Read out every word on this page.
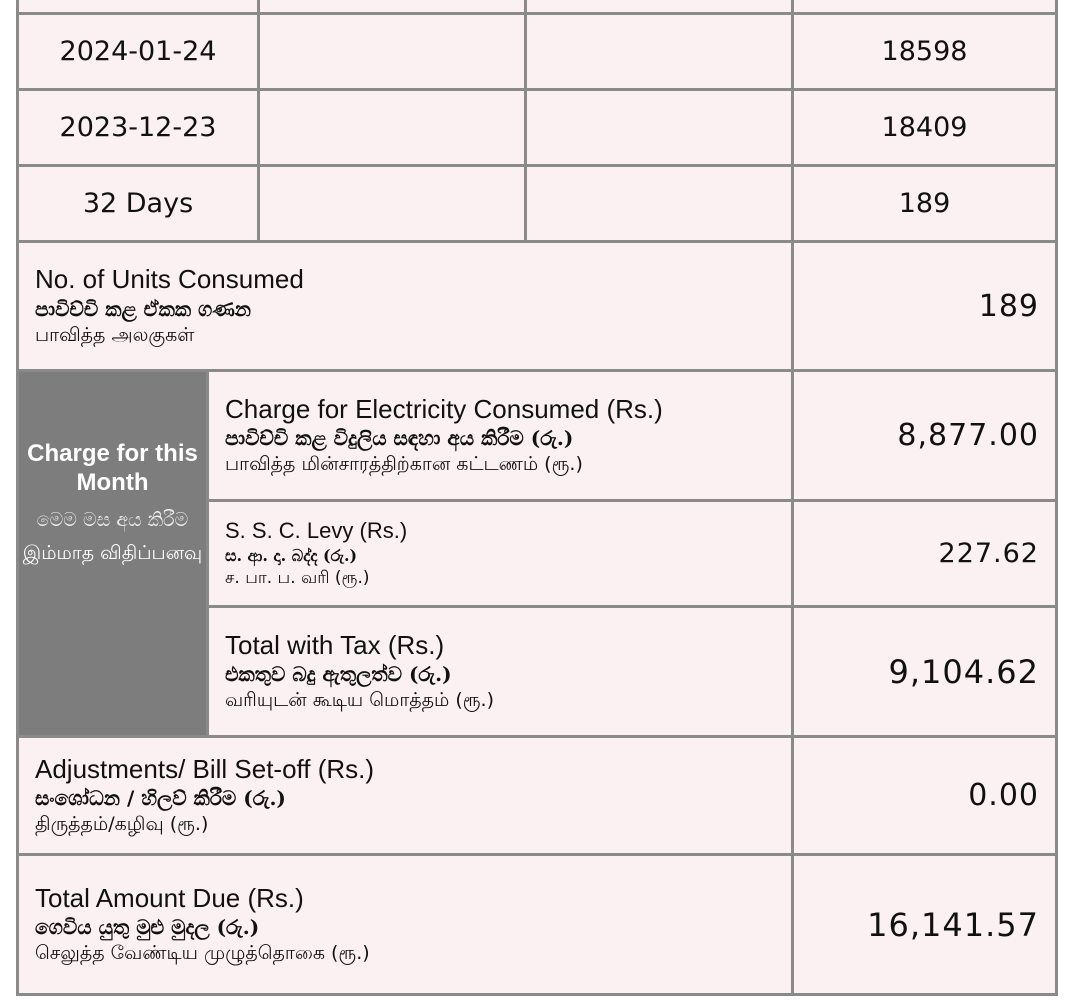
2024-01-24	18598
2023-12-23	18409
32 Days	189
No. of Units Consumed
පාවිච්චි කළ ඒකක ගණන
பாவித்த அலகுகள்
189
Charge for this Month
මෙම මස අය කිරීම
இம்மாத விதிப்பனவு
Charge for Electricity Consumed (Rs.)
පාවිච්චි කළ විදුලිය සඳහා අය කිරීම (රු.)
பாவித்த மின்சாரத்திற்கான கட்டணம் (ரூ.)
8,877.00
S. S. C. Levy (Rs.)
ස. ආ. දා. බද්ද (රු.)
ச. பா. ப. வரி (ரூ.)
227.62
Total with Tax (Rs.)
එකතුව බදු ඇතුලත්ව (රු.)
வரியுடன் கூடிய மொத்தம் (ரூ.)
9,104.62
Adjustments/ Bill Set-off (Rs.)
සංශෝධන / හිලව් කිරීම (රු.)
திருத்தம்/கழிவு (ரூ.)
0.00
Total Amount Due (Rs.)
ගෙවිය යුතු මුළු මුදල (රු.)
செலுத்த வேண்டிய முழுத்தொகை (ரூ.)
16,141.57
